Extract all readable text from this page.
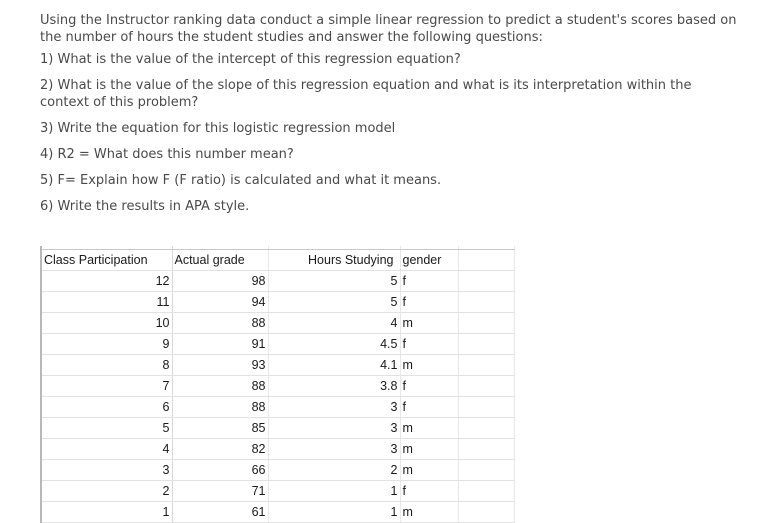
Using the Instructor ranking data conduct a simple linear regression to predict a student's scores based on the number of hours the student studies and answer the following questions:

1) What is the value of the intercept of this regression equation?

2) What is the value of the slope of this regression equation and what is its interpretation within the context of this problem?

3) Write the equation for this logistic regression model

4) R2 = What does this number mean?

5) F= Explain how F (F ratio) is calculated and what it means.

6) Write the results in APA style.

Class Participation	Actual grade	Hours Studying	gender	
12	98	5	f	
11	94	5	f	
10	88	4	m	
9	91	4.5	f	
8	93	4.1	m	
7	88	3.8	f	
6	88	3	f	
5	85	3	m	
4	82	3	m	
3	66	2	m	
2	71	1	f	
1	61	1	m	
